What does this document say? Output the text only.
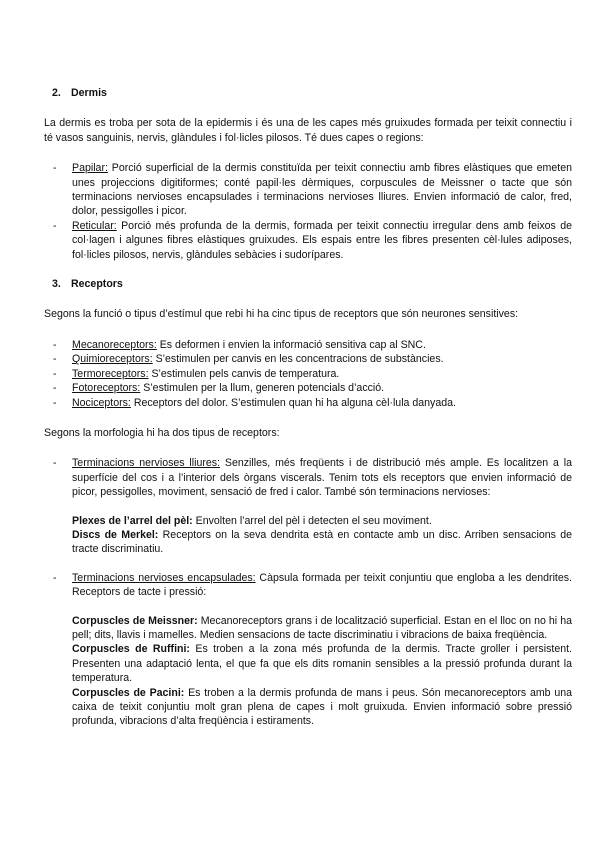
2. Dermis

La dermis es troba per sota de la epidermis i és una de les capes més gruixudes formada per teixit connectiu i té vasos sanguinis, nervis, glàndules i fol·licles pilosos. Té dues capes o regions:

- Papilar: Porció superficial de la dermis constituïda per teixit connectiu amb fibres elàstiques que emeten unes projeccions digitiformes; conté papil·les dèrmiques, corpuscules de Meissner o tacte que són terminacions nervioses encapsulades i terminacions nervioses lliures. Envien informació de calor, fred, dolor, pessigolles i picor.
- Reticular: Porció més profunda de la dermis, formada per teixit connectiu irregular dens amb feixos de col·lagen i algunes fibres elàstiques gruixudes. Els espais entre les fibres presenten cèl·lules adiposes, fol·licles pilosos, nervis, glàndules sebàcies i sudorípares.
3. Receptors

Segons la funció o tipus d’estímul que rebi hi ha cinc tipus de receptors que són neurones sensitives:

- Mecanoreceptors: Es deformen i envien la informació sensitiva cap al SNC.
- Quimioreceptors: S’estimulen per canvis en les concentracions de substàncies.
- Termoreceptors: S’estimulen pels canvis de temperatura.
- Fotoreceptors: S’estimulen per la llum, generen potencials d’acció.
- Nociceptors: Receptors del dolor. S’estimulen quan hi ha alguna cèl·lula danyada.

Segons la morfologia hi ha dos tipus de receptors:

- Terminacions nervioses lliures: Senzilles, més freqüents i de distribució més ample. Es localitzen a la superfície del cos i a l’interior dels òrgans viscerals. Tenim tots els receptors que envien informació de picor, pessigolles, moviment, sensació de fred i calor. També són terminacions nervioses:

Plexes de l’arrel del pèl: Envolten l’arrel del pèl i detecten el seu moviment.

Discs de Merkel: Receptors on la seva dendrita està en contacte amb un disc. Arriben sensacions de tracte discriminatiu.

- Terminacions nervioses encapsulades: Càpsula formada per teixit conjuntiu que engloba a les dendrites. Receptors de tacte i pressió:

Corpuscles de Meissner: Mecanoreceptors grans i de localització superficial. Estan en el lloc on no hi ha pell; dits, llavis i mamelles. Medien sensacions de tacte discriminatiu i vibracions de baixa freqüència.

Corpuscles de Ruffini: Es troben a la zona més profunda de la dermis. Tracte groller i persistent. Presenten una adaptació lenta, el que fa que els dits romanin sensibles a la pressió profunda durant la temperatura.

Corpuscles de Pacini: Es troben a la dermis profunda de mans i peus. Són mecanoreceptors amb una caixa de teixit conjuntiu molt gran plena de capes i molt gruixuda. Envien informació sobre pressió profunda, vibracions d’alta freqüència i estiraments.
